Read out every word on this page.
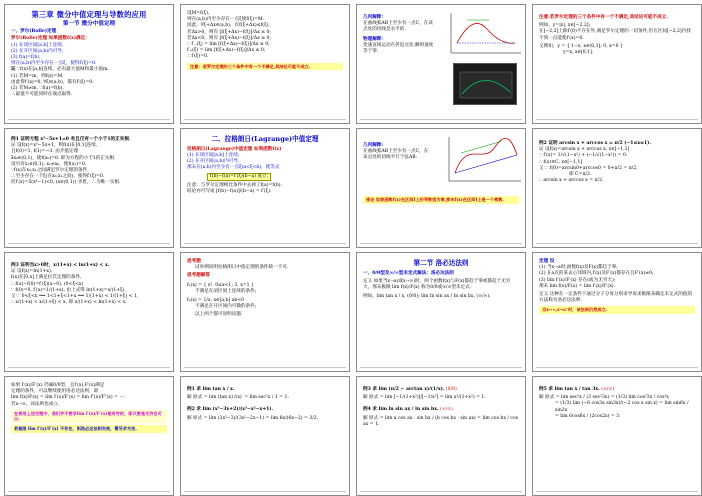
第三章 微分中值定理与导数的应用
第一节 微分中值定理
一、罗尔(Rolle)定理
罗尔(Rolle)定理 如果函数f(x)满足：
(1) 在闭区间[a,b]上连续,
(2) 在开区间(a,b)内可导,
(3) f(a)=f(b),
则在(a,b)内至少存在一点ξ，使得f′(ξ)=0.
证 ∵f(x)在[a,b]连续，必有最大值M和最小值m.
(1) 若M=m，则f(x)=M.
由此得f′(x)=0. ∀ξ∈(a,b)，都有f′(ξ)=0.
(2) 若M≠m. ∵f(a)=f(b),
∴最值不可能同时在端点取得.
设M=f(ξ),
则在(a,b)内至少存在一点ξ使f(ξ)=M.
因此，∀ξ+Δx∈(a,b)，有f(ξ+Δx)≤f(ξ),
若Δx>0，则有 [f(ξ+Δx)−f(ξ)]/Δx ≤ 0;
若Δx<0，则有 [f(ξ+Δx)−f(ξ)]/Δx ≥ 0;
∴ f′₋(ξ) = lim [f(ξ+Δx)−f(ξ)]/Δx ≥ 0;
f′₊(ξ) = lim [f(ξ+Δx)−f(ξ)]/Δx ≤ 0;
∴ f′(ξ)=0.
注意：若罗尔定理的三个条件中有一个不满足,其结论可能不成立.
几何解释：
在曲线弧AB上至少有一点C，在该点处的切线是水平的.
物理解释：
变速直线运动在折返点处,瞬时速度等于零.
注意:若罗尔定理的三个条件中有一个不满足,其结论可能不成立.
例如，y=|x|, x∈[−2,2];
在[−2,2]上除f′(0)不存在外,满足罗尔定理的一切条件,但在区间[−2,2]内找不到一点能使f′(x)=0.
又例如，y = { 1−x, x∈(0,1]; 0, x=0 }
y=x, x∈[0,1].
例1 证明方程 x⁵−5x+1=0 有且仅有一个小于1的正实根.
证 设f(x)=x⁵−5x+1，则f(x)在[0,1]连续,
且f(0)=1, f(1)=−3. 由介值定理
∃x₀∈(0,1)，使f(x₀)=0. 即为方程的小于1的正实根.
设另有x₁∈(0,1), x₁≠x₀，使f(x₁)=0.
∵f(x)在x₀,x₁之间满足罗尔定理的条件,
∴至少存在一个ξ(在x₀,x₁之间)，使得f′(ξ)=0.
但f′(x)=5(x⁴−1)<0, (x∈(0,1)) 矛盾，∴为唯一实根.
二、拉格朗日(Lagrange)中值定理
拉格朗日(Lagrange)中值定理 如果函数f(x)
(1) 在闭区间[a,b]上连续;
(2) 在开区间(a,b)内可导,
那末在(a,b)内至少有一点ξ(a<ξ<b)，使等式
f(b)−f(a)=f′(ξ)(b−a) 成立.
注意：与罗尔定理相比条件中去掉了f(a)=f(b).
结论亦可写成 [f(b)−f(a)]/(b−a) = f′(ξ).
几何解释:
在曲线弧AB上至少有一点C，在该点处的切线平行于弦AB.
推论 如果函数f(x)在区间I上的导数恒为零,那末f(x)在区间I上是一个常数.
例2 证明 arcsin x + arccos x = π/2 (−1≤x≤1).
证 设f(x)=arcsin x + arccos x, x∈[−1,1]
∵ f′(x)= 1/√(1−x²) + (−1/√(1−x²)) = 0.
∴ f(x)≡C, x∈[−1,1]
又∵ f(0)=arcsin0+arccos0 = 0+π/2 = π/2,
即 C=π/2.
∴ arcsin x + arccos x = π/2.
例3 证明当x>0时，x/(1+x) < ln(1+x) < x.
证 设f(x)=ln(1+x),
f(x)在[0,x]上满足拉氏定理的条件,
∴ f(x)−f(0)=f′(ξ)(x−0), (0<ξ<x)
∵ f(0)=0, f′(x)=1/(1+x), 由上式得 ln(1+x)=x/(1+ξ),
又∵ 0<ξ<x ⟹ 1<1+ξ<1+x ⟹ 1/(1+x) < 1/(1+ξ) < 1,
∴ x/(1+x) < x/(1+ξ) < x, 即 x/(1+x) < ln(1+x) < x.
思考题
试举例说明拉格朗日中值定理的条件缺一不可.
思考题解答
f₁(x) = { x², 0≤x<1; 3, x=1 }
不满足在闭区间上连续的条件;
f₂(x) = 1/x, x∈[a,b] ab<0
不满足在开区间内可微的条件;
以上两个都可说明问题.
第二节 洛必达法则
一、0/0型及∞/∞型未定式解法：洛必达法则
定义 如果当x→a(或x→∞)时，两个函数f(x)与F(x)都趋于零或都趋于无穷大，那末极限 lim f(x)/F(x) 称为0/0或∞/∞型未定式.
例如，lim tan x / x, (0/0); lim ln sin ax / ln sin bx, (∞/∞).
定理 设
(1) 当x→a时,函数f(x)及F(x)都趋于零;
(2) 在a点的某去心邻域内,f′(x)及F′(x)都存在且F′(x)≠0;
(3) lim f′(x)/F′(x) 存在(或为无穷大);
那末 lim f(x)/F(x) = lim f′(x)/F′(x).
定义 这种在一定条件下通过分子分母分别求导再求极限来确定未定式的值的方法称为洛必达法则.
当x→∞,x→a⁺时，该法则仍然成立.
如果 f′(x)/F′(x) 仍属0/0型，且f′(x),F′(x)满足
定理的条件，可以继续使用洛必达法则，即
lim f(x)/F(x) = lim f′(x)/F′(x) = lim f″(x)/F″(x) = ⋯.
若x→∞，该法则也成立.
在使用上述定理中，我们并不要求lim f′(x)/F′(x)是有穷的，即只要是无穷也可以.
若极限 lim f′(x)/F′(x) 不存在，则洛必达法则失效，需另求方法.
例1 求 lim tan x / x.
解 原式 = lim (tan x)′/(x)′ = lim sec²x / 1 = 1.
例2 求 lim (x³−3x+2)/(x³−x²−x+1).
解 原式 = lim (3x²−3)/(3x²−2x−1) = lim 6x/(6x−2) = 3/2.
例3 求 lim (π/2 − arctan x)/(1/x). (0/0)
解 原式 = lim [−1/(1+x²)]/[−1/x²] = lim x²/(1+x²) = 1.
例4 求 lim ln sin ax / ln sin bx. (∞/∞)
解 原式 = lim a cos ax · sin bx / (b cos bx · sin ax) = lim cos bx / cos ax = 1.
例5 求 lim tan x / tan 3x. (∞/∞)
解 原式 = lim sec²x / (3 sec²3x) = (1/3) lim cos²3x / cos²x
= (1/3) lim (−6 cos3x sin3x)/(−2 cos x sin x) = lim sin6x / sin2x
= lim 6cos6x / (2cos2x) = 3.
